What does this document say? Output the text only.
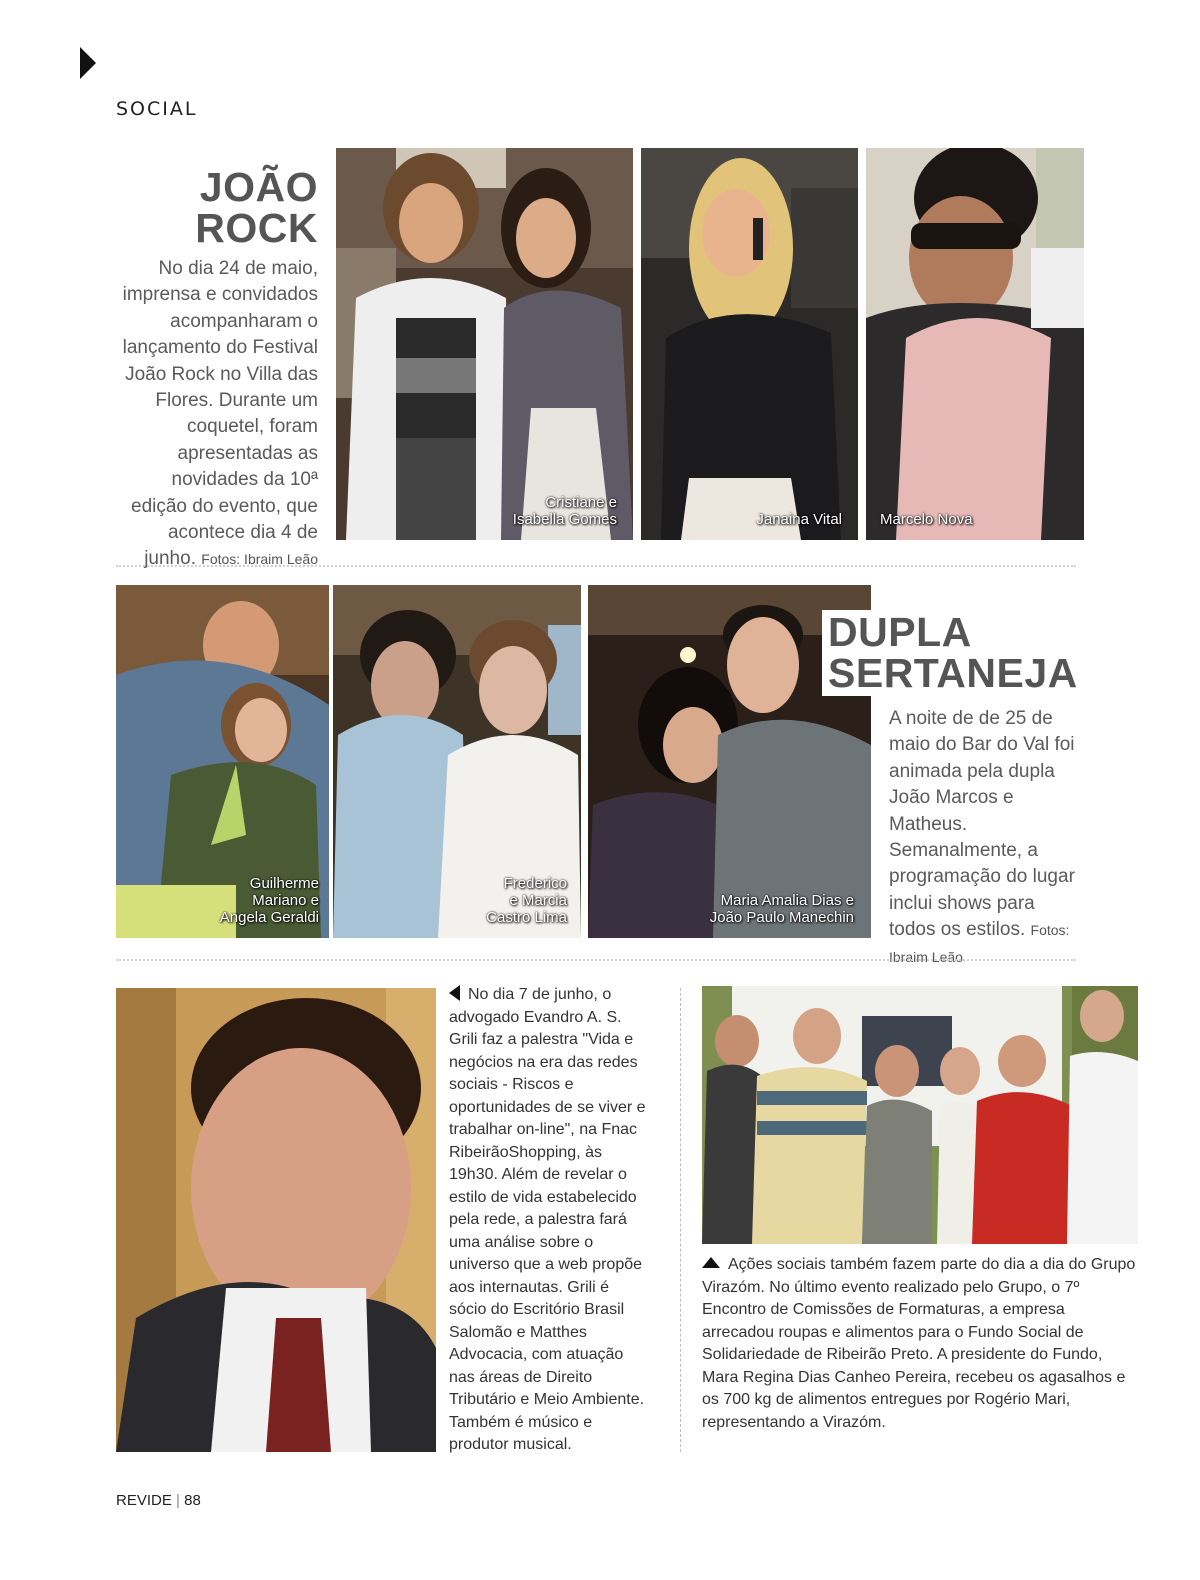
SOCIAL
JOÃO
ROCK
No dia 24 de maio, imprensa e convidados acompanharam o lançamento do Festival João Rock no Villa das Flores. Durante um coquetel, foram apresentadas as novidades da 10ª edição do evento, que acontece dia 4 de junho. Fotos: Ibraim Leão
Cristiane e
Isabella Gomes	Janaina Vital	Marcelo Nova
Guilherme
Mariano e
Angela Geraldi
Frederico
e Marcia
Castro Lima
Maria Amalia Dias e
João Paulo Manechin
DUPLA
SERTANEJA
A noite de de 25 de maio do Bar do Val foi animada pela dupla João Marcos e Matheus. Semanalmente, a programação do lugar inclui shows para todos os estilos. Fotos: Ibraim Leão
No dia 7 de junho, o advogado Evandro A. S. Grili faz a palestra "Vida e negócios na era das redes sociais - Riscos e oportunidades de se viver e trabalhar on-line", na Fnac RibeirãoShopping, às 19h30. Além de revelar o estilo de vida estabelecido pela rede, a palestra fará uma análise sobre o universo que a web propõe aos internautas. Grili é sócio do Escritório Brasil Salomão e Matthes Advocacia, com atuação nas áreas de Direito Tributário e Meio Ambiente. Também é músico e produtor musical.
Ações sociais também fazem parte do dia a dia do Grupo Virazóm. No último evento realizado pelo Grupo, o 7º Encontro de Comissões de Formaturas, a empresa arrecadou roupas e alimentos para o Fundo Social de Solidariedade de Ribeirão Preto. A presidente do Fundo, Mara Regina Dias Canheo Pereira, recebeu os agasalhos e os 700 kg de alimentos entregues por Rogério Mari, representando a Virazóm.
REVIDE | 88
